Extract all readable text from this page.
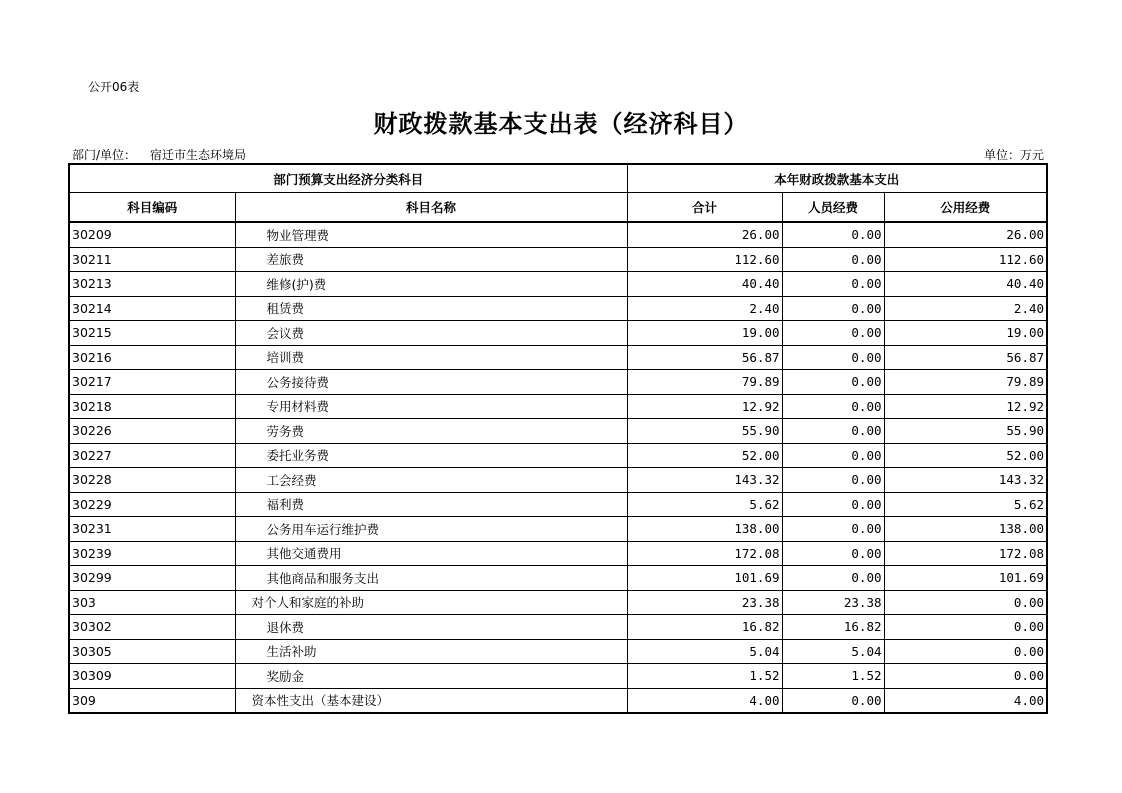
公开06表
财政拨款基本支出表（经济科目）
部门/单位： 宿迁市生态环境局	单位：万元
部门预算支出经济分类科目		本年财政拨款基本支出		
科目编码	科目名称	合计	人员经费	公用经费
30209	物业管理费	26.00	0.00	26.00
30211	差旅费	112.60	0.00	112.60
30213	维修(护)费	40.40	0.00	40.40
30214	租赁费	2.40	0.00	2.40
30215	会议费	19.00	0.00	19.00
30216	培训费	56.87	0.00	56.87
30217	公务接待费	79.89	0.00	79.89
30218	专用材料费	12.92	0.00	12.92
30226	劳务费	55.90	0.00	55.90
30227	委托业务费	52.00	0.00	52.00
30228	工会经费	143.32	0.00	143.32
30229	福利费	5.62	0.00	5.62
30231	公务用车运行维护费	138.00	0.00	138.00
30239	其他交通费用	172.08	0.00	172.08
30299	其他商品和服务支出	101.69	0.00	101.69
303	对个人和家庭的补助	23.38	23.38	0.00
30302	退休费	16.82	16.82	0.00
30305	生活补助	5.04	5.04	0.00
30309	奖励金	1.52	1.52	0.00
309	资本性支出（基本建设）	4.00	0.00	4.00
